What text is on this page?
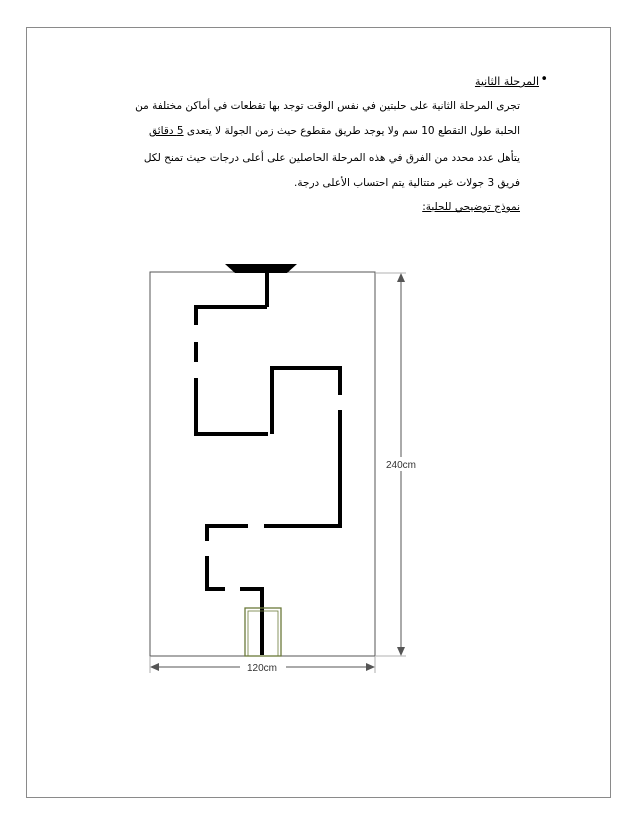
•
المرحلة الثانية
تجرى المرحلة الثانية على حلبتين في نفس الوقت توجد بها تقطعات في أماكن مختلفة من
الحلبة طول التقطع 10 سم ولا يوجد طريق مقطوع حيث زمن الجولة لا يتعدى 5 دقائق
يتأهل عدد محدد من الفرق في هذه المرحلة الحاصلين على أعلى درجات حيث تمنح لكل
فريق 3 جولات غير متتالية يتم احتساب الأعلى درجة.
نموذج توضيحي للحلبة:
240cm
120cm
